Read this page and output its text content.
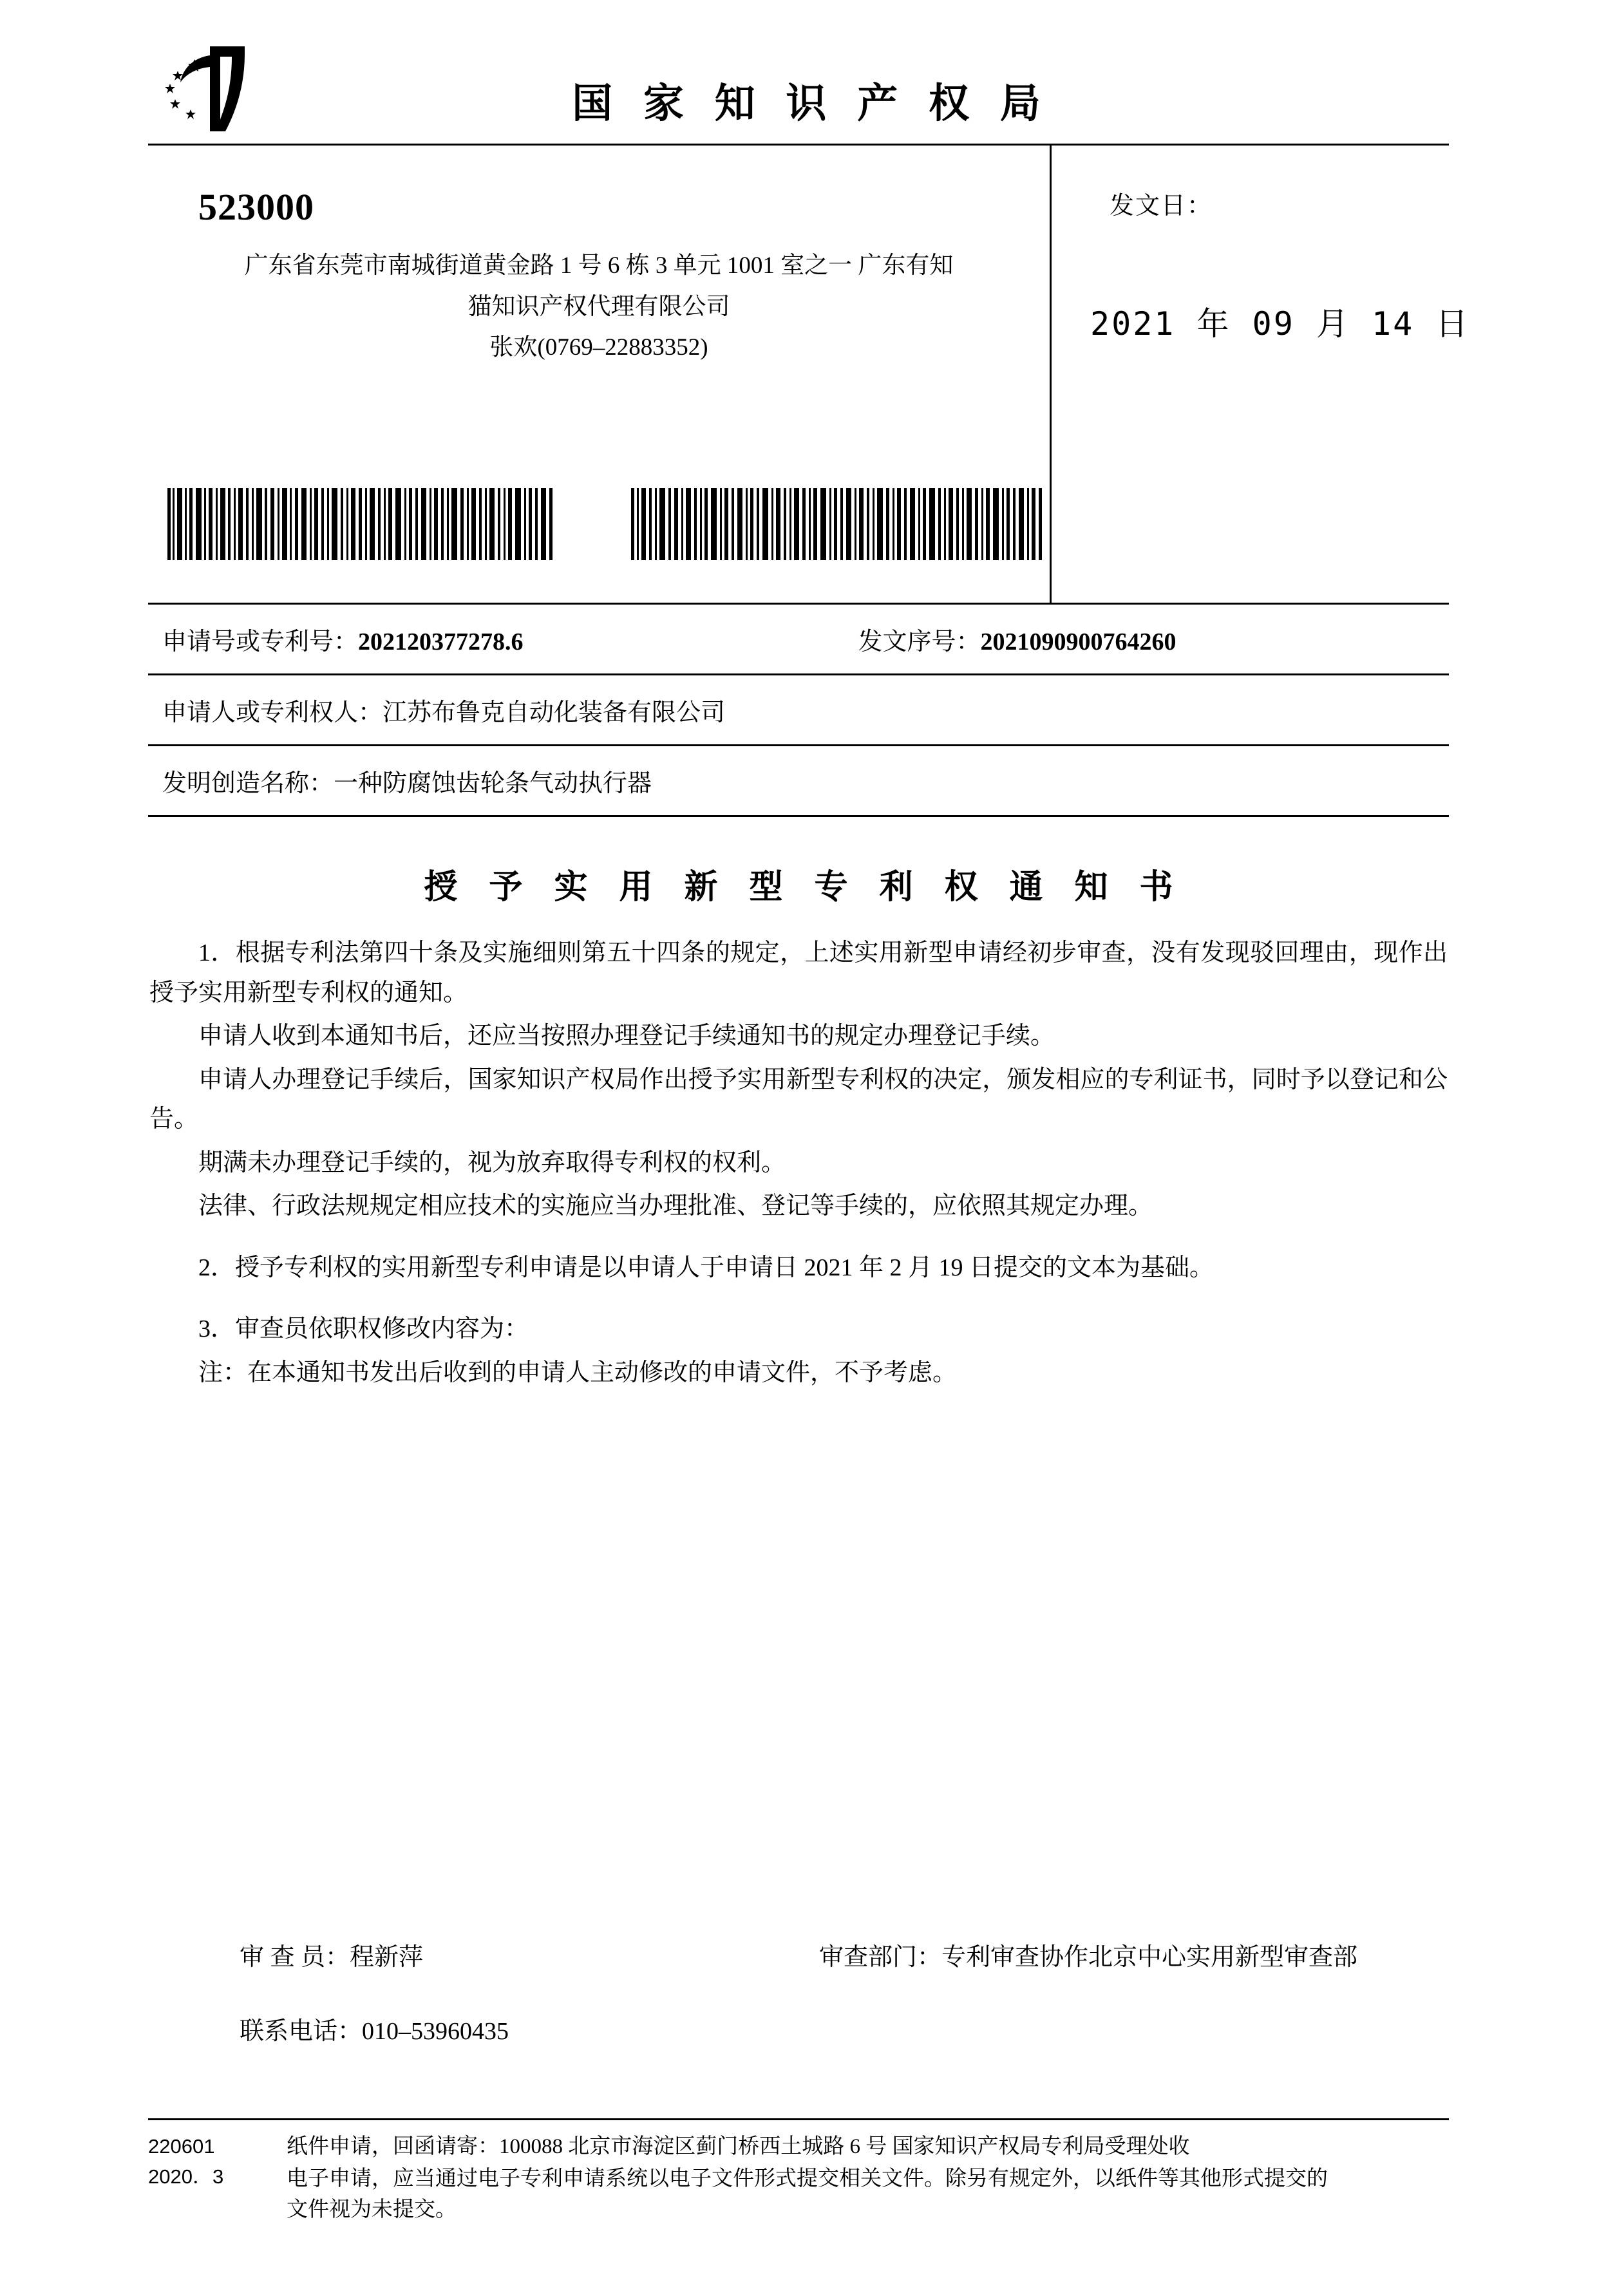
国 家 知 识 产 权 局
523000
广东省东莞市南城街道黄金路 1 号 6 栋 3 单元 1001 室之一 广东有知
猫知识产权代理有限公司
张欢(0769–22883352)
发文日：
2021 年 09 月 14 日
申请号或专利号： 202120377278.6	发文序号：2021090900764260
申请人或专利权人： 江苏布鲁克自动化装备有限公司
发明创造名称： 一种防腐蚀齿轮条气动执行器
授 予 实 用 新 型 专 利 权 通 知 书

1．根据专利法第四十条及实施细则第五十四条的规定，上述实用新型申请经初步审查，没有发现驳回理由，现作出授予实用新型专利权的通知。

申请人收到本通知书后，还应当按照办理登记手续通知书的规定办理登记手续。

申请人办理登记手续后，国家知识产权局作出授予实用新型专利权的决定，颁发相应的专利证书，同时予以登记和公告。

期满未办理登记手续的，视为放弃取得专利权的权利。

法律、行政法规规定相应技术的实施应当办理批准、登记等手续的，应依照其规定办理。

2．授予专利权的实用新型专利申请是以申请人于申请日 2021 年 2 月 19 日提交的文本为基础。

3．审查员依职权修改内容为：

注：在本通知书发出后收到的申请人主动修改的申请文件，不予考虑。

审 查 员：程新萍	审查部门：专利审查协作北京中心实用新型审查部
联系电话：010–53960435
220601
2020．3
纸件申请，回函请寄：100088 北京市海淀区蓟门桥西土城路 6 号 国家知识产权局专利局受理处收
电子申请，应当通过电子专利申请系统以电子文件形式提交相关文件。除另有规定外，以纸件等其他形式提交的
文件视为未提交。
